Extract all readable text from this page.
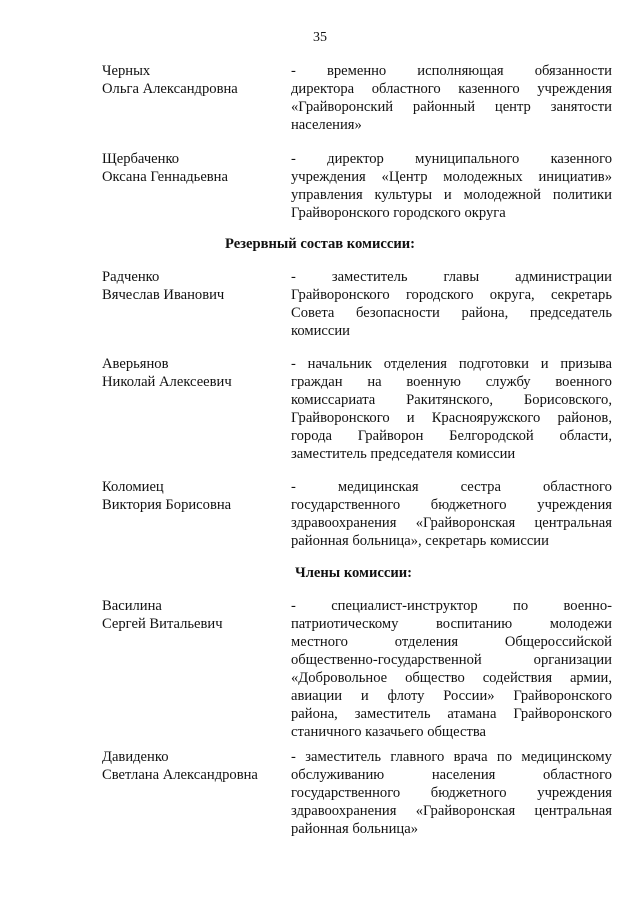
35
Черных
Ольга Александровна
- временно исполняющая обязанности
директора областного казенного учреждения
«Грайворонский районный центр занятости
населения»
Щербаченко
Оксана Геннадьевна
- директор муниципального казенного
учреждения «Центр молодежных инициатив»
управления культуры и молодежной политики
Грайворонского городского округа
Резервный состав комиссии:
Радченко
Вячеслав Иванович
- заместитель главы администрации
Грайворонского городского округа, секретарь
Совета безопасности района, председатель
комиссии
Аверьянов
Николай Алексеевич
- начальник отделения подготовки и призыва
граждан на военную службу военного
комиссариата Ракитянского, Борисовского,
Грайворонского и Краснояружского районов,
города Грайворон Белгородской области,
заместитель председателя комиссии
Коломиец
Виктория Борисовна
-	медицинская	сестра	областного
государственного бюджетного учреждения
здравоохранения «Грайворонская центральная
районная больница», секретарь комиссии
Члены комиссии:
Василина
Сергей Витальевич
- специалист-инструктор по военно-
патриотическому	воспитанию	молодежи
местного	отделения	Общероссийской
общественно-государственной	организации
«Добровольное общество содействия армии,
авиации и флоту России» Грайворонского
района, заместитель атамана Грайворонского
станичного казачьего общества
Давиденко
Светлана Александровна
- заместитель главного врача по медицинскому
обслуживанию	населения	областного
государственного бюджетного учреждения
здравоохранения «Грайворонская центральная
районная больница»
